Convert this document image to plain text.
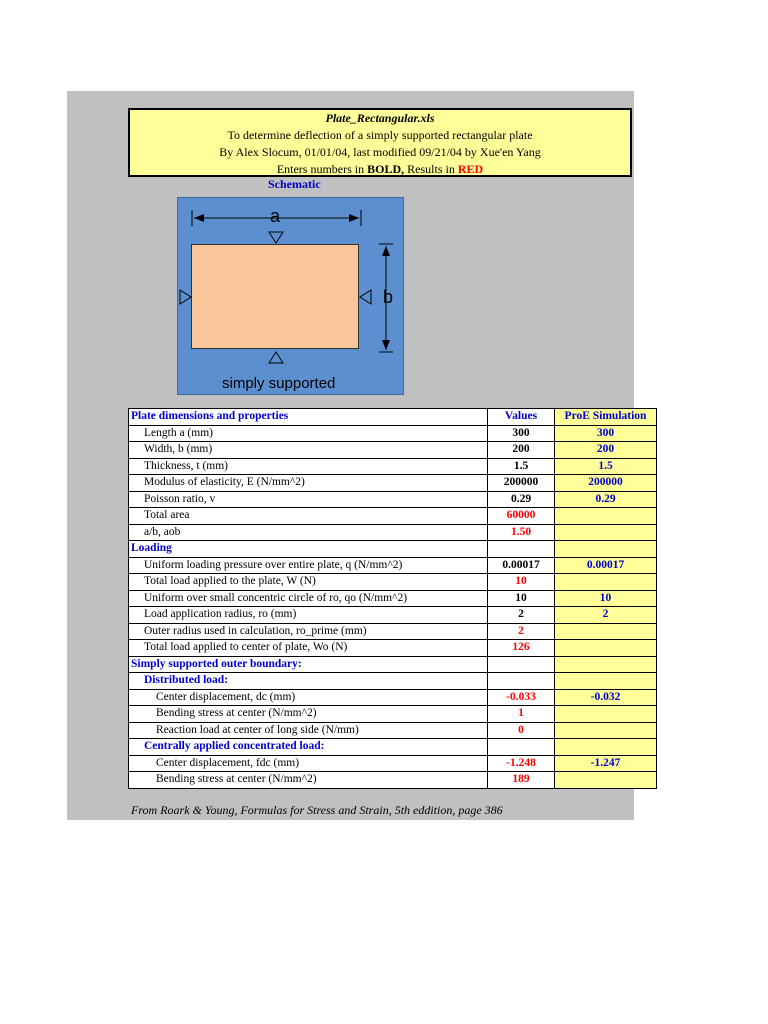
Plate_Rectangular.xls
To determine deflection of a simply supported rectangular plate
By Alex Slocum, 01/01/04, last modified 09/21/04 by Xue'en Yang
Enters numbers in BOLD, Results in RED
Schematic
a
b
simply supported
Plate dimensions and properties	Values	ProE Simulation
Length a (mm)	300	300
Width, b (mm)	200	200
Thickness, t (mm)	1.5	1.5
Modulus of elasticity, E (N/mm^2)	200000	200000
Poisson ratio, v	0.29	0.29
Total area	60000	
a/b, aob	1.50	
Loading		
Uniform loading pressure over entire plate, q (N/mm^2)	0.00017	0.00017
Total load applied to the plate, W (N)	10	
Uniform over small concentric circle of ro, qo (N/mm^2)	10	10
Load application radius, ro (mm)	2	2
Outer radius used in calculation, ro_prime (mm)	2	
Total load applied to center of plate, Wo (N)	126	
Simply supported outer boundary:		
Distributed load:		
Center displacement, dc (mm)	-0.033	-0.032
Bending stress at center (N/mm^2)	1	
Reaction load at center of long side (N/mm)	0	
Centrally applied concentrated load:		
Center displacement, fdc (mm)	-1.248	-1.247
Bending stress at center (N/mm^2)	189	
From Roark & Young, Formulas for Stress and Strain, 5th eddition, page 386
